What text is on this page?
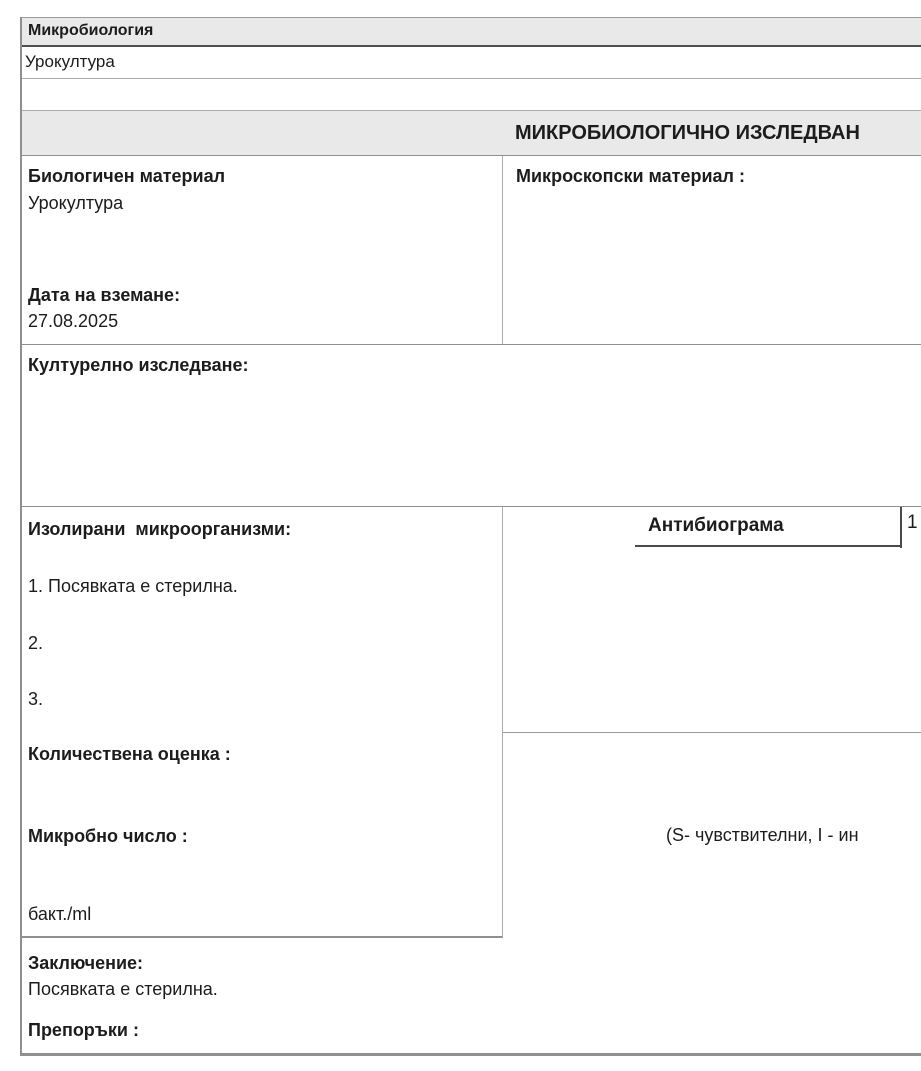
Микробиология
Урокултура
МИКРОБИОЛОГИЧНО ИЗСЛЕДВАН
Биологичен материал
Урокултура
Дата на вземане:
27.08.2025
Микроскопски материал :
Културелно изследване:
Изолирани  микроорганизми:
1. Посявката е стерилна.
2.
3.
Количествена оценка :
Микробно число :
бакт./ml
Антибиограма	1
(S- чувствителни, I - ин
Заключение:
Посявката е стерилна.
Препоръки :
